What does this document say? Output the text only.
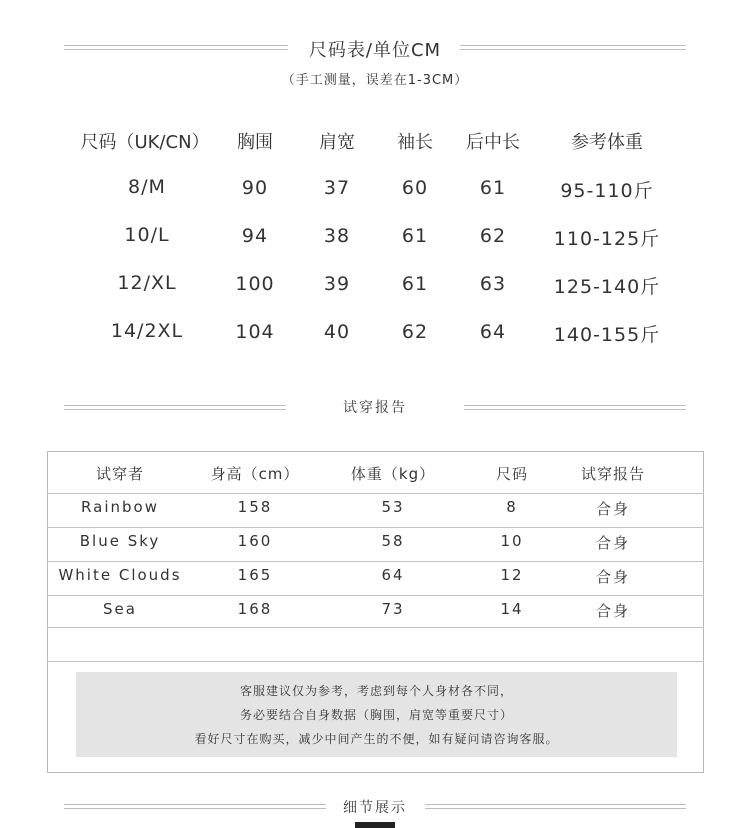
尺码表/单位CM
（手工测量，误差在1-3CM）
尺码（UK/CN）	胸围	肩宽	袖长	后中长	参考体重
8/M	90	37	60	61	95-110斤
10/L	94	38	61	62	110-125斤
12/XL	100	39	61	63	125-140斤
14/2XL	104	40	62	64	140-155斤
试穿报告
试穿者	身高（cm）	体重（kg）	尺码	试穿报告
Rainbow	158	53	8	合身
Blue Sky	160	58	10	合身
White Clouds	165	64	12	合身
Sea	168	73	14	合身
客服建议仅为参考，考虑到每个人身材各不同，
务必要结合自身数据（胸围，肩宽等重要尺寸）
看好尺寸在购买，减少中间产生的不便，如有疑问请咨询客服。
细节展示
